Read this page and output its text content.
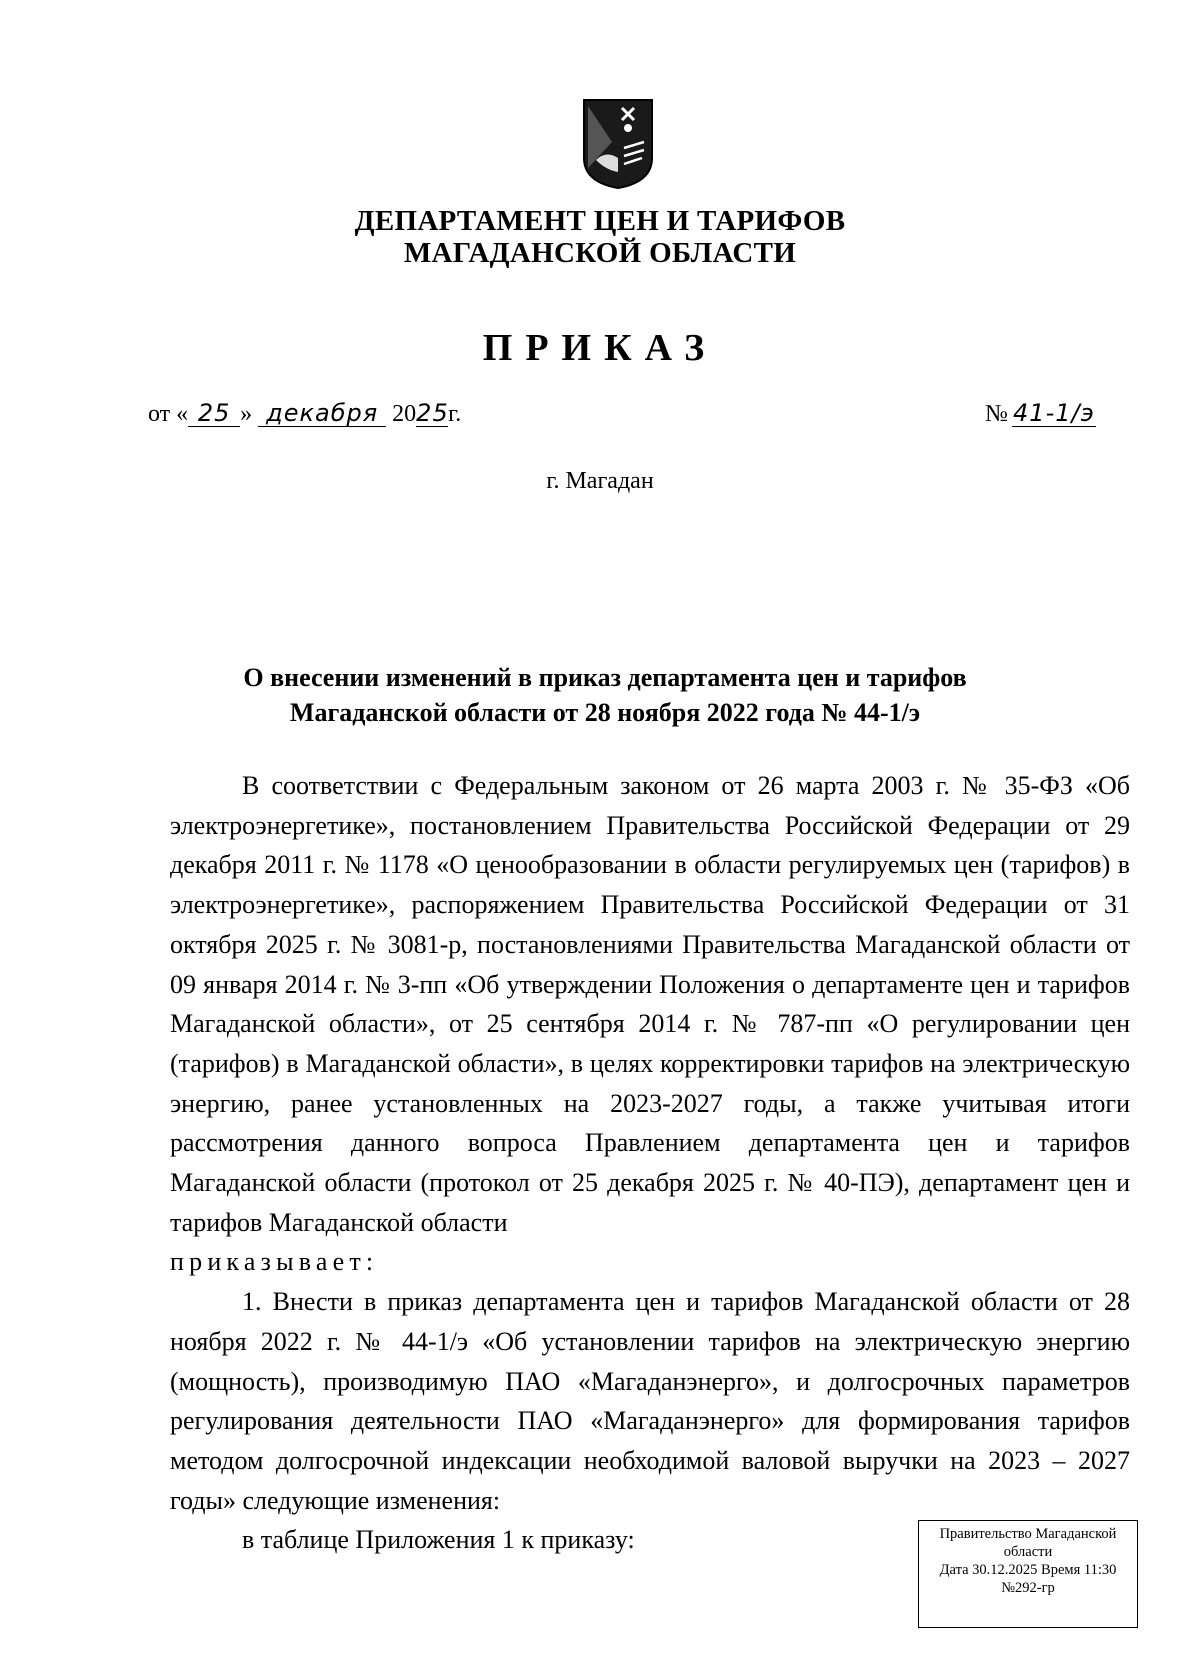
ДЕПАРТАМЕНТ ЦЕН И ТАРИФОВ
МАГАДАНСКОЙ ОБЛАСТИ
ПРИКАЗ
от « 25 » декабря 2025г.	№ 41-1/э
г. Магадан
О внесении изменений в приказ департамента цен и тарифов
Магаданской области от 28 ноября 2022 года № 44-1/э

В соответствии с Федеральным законом от 26 марта 2003 г. № 35-ФЗ «Об электроэнергетике», постановлением Правительства Российской Федерации от 29 декабря 2011 г. № 1178 «О ценообразовании в области регулируемых цен (тарифов) в электроэнергетике», распоряжением Правительства Российской Федерации от 31 октября 2025 г. № 3081-р, постановлениями Правительства Магаданской области от 09 января 2014 г. № 3-пп «Об утверждении Положения о департаменте цен и тарифов Магаданской области», от 25 сентября 2014 г. № 787-пп «О регулировании цен (тарифов) в Магаданской области», в целях корректировки тарифов на электрическую энергию, ранее установленных на 2023-2027 годы, а также учитывая итоги рассмотрения данного вопроса Правлением департамента цен и тарифов Магаданской области (протокол от 25 декабря 2025 г. № 40-ПЭ), департамент цен и тарифов Магаданской области

приказывает:

1. Внести в приказ департамента цен и тарифов Магаданской области от 28 ноября 2022 г. № 44-1/э «Об установлении тарифов на электрическую энергию (мощность), производимую ПАО «Магаданэнерго», и долгосрочных параметров регулирования деятельности ПАО «Магаданэнерго» для формирования тарифов методом долгосрочной индексации необходимой валовой выручки на 2023 – 2027 годы» следующие изменения:

в таблице Приложения 1 к приказу:	Правительство Магаданской
области
Дата 30.12.2025 Время 11:30
№292-гр
